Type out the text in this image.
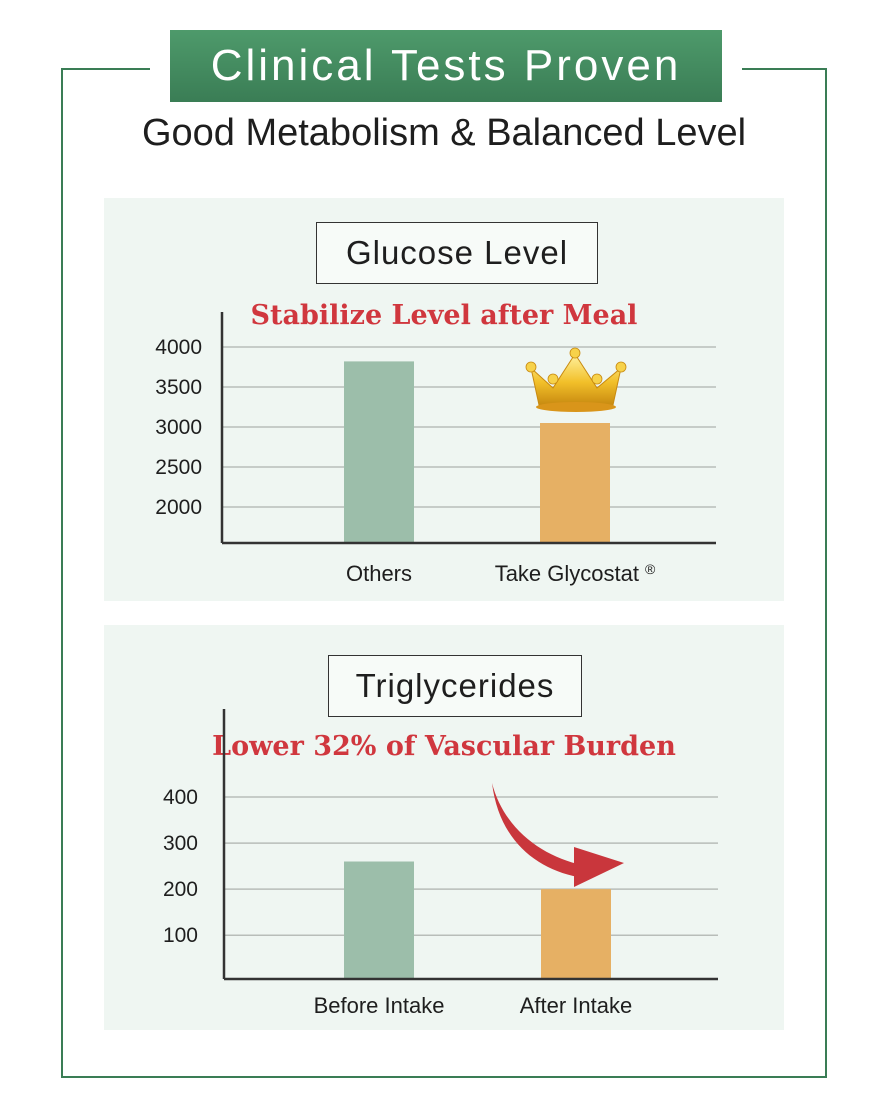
Clinical Tests Proven
Good Metabolism & Balanced Level
Glucose Level
Stabilize Level after Meal
2000
2500
3000
3500
4000
Others	Take Glycostat ®
Triglycerides
Lower 32% of Vascular Burden
100
200
300
400
Before Intake	After Intake
